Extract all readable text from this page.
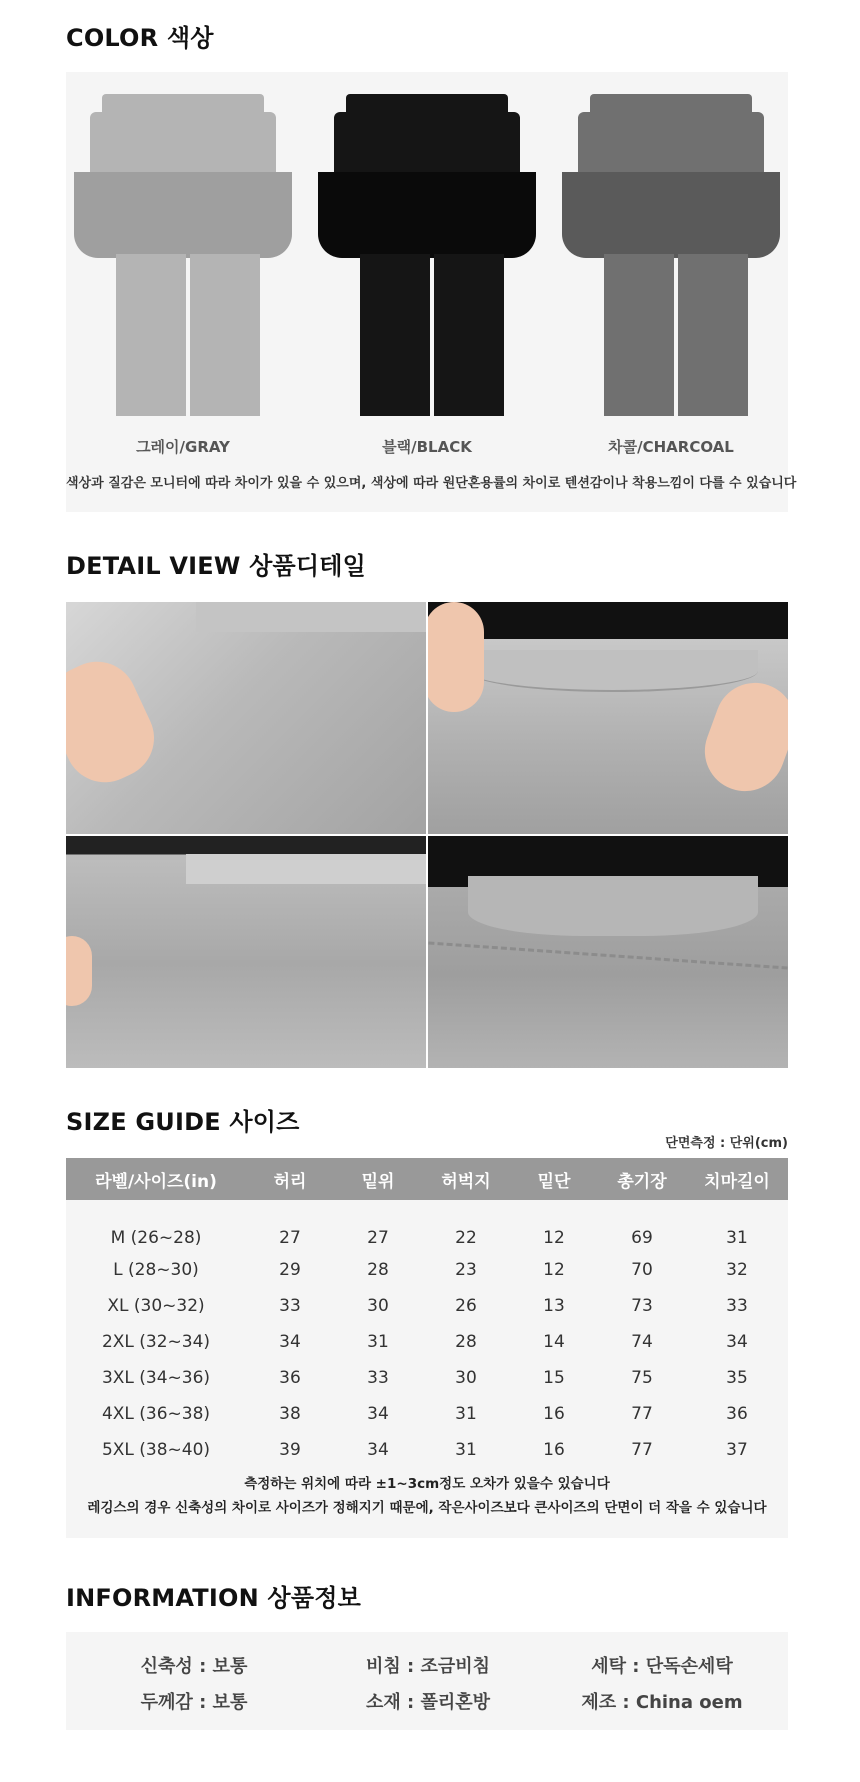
COLOR 색상
그레이/GRAY	블랙/BLACK	차콜/CHARCOAL
색상과 질감은 모니터에 따라 차이가 있을 수 있으며, 색상에 따라 원단혼용률의 차이로 텐션감이나 착용느낌이 다를 수 있습니다
DETAIL VIEW 상품디테일
SIZE GUIDE 사이즈
단면측정 : 단위(cm)
라벨/사이즈(in)	허리	밑위	허벅지	밑단	총기장	치마길이
M (26~28)	27	27	22	12	69	31
L (28~30)	29	28	23	12	70	32
XL (30~32)	33	30	26	13	73	33
2XL (32~34)	34	31	28	14	74	34
3XL (34~36)	36	33	30	15	75	35
4XL (36~38)	38	34	31	16	77	36
5XL (38~40)	39	34	31	16	77	37
측정하는 위치에 따라 ±1~3cm정도 오차가 있을수 있습니다
레깅스의 경우 신축성의 차이로 사이즈가 정해지기 때문에, 작은사이즈보다 큰사이즈의 단면이 더 작을 수 있습니다
INFORMATION 상품정보
신축성 : 보통	비침 : 조금비침	세탁 : 단독손세탁
두께감 : 보통	소재 : 폴리혼방	제조 : China oem
